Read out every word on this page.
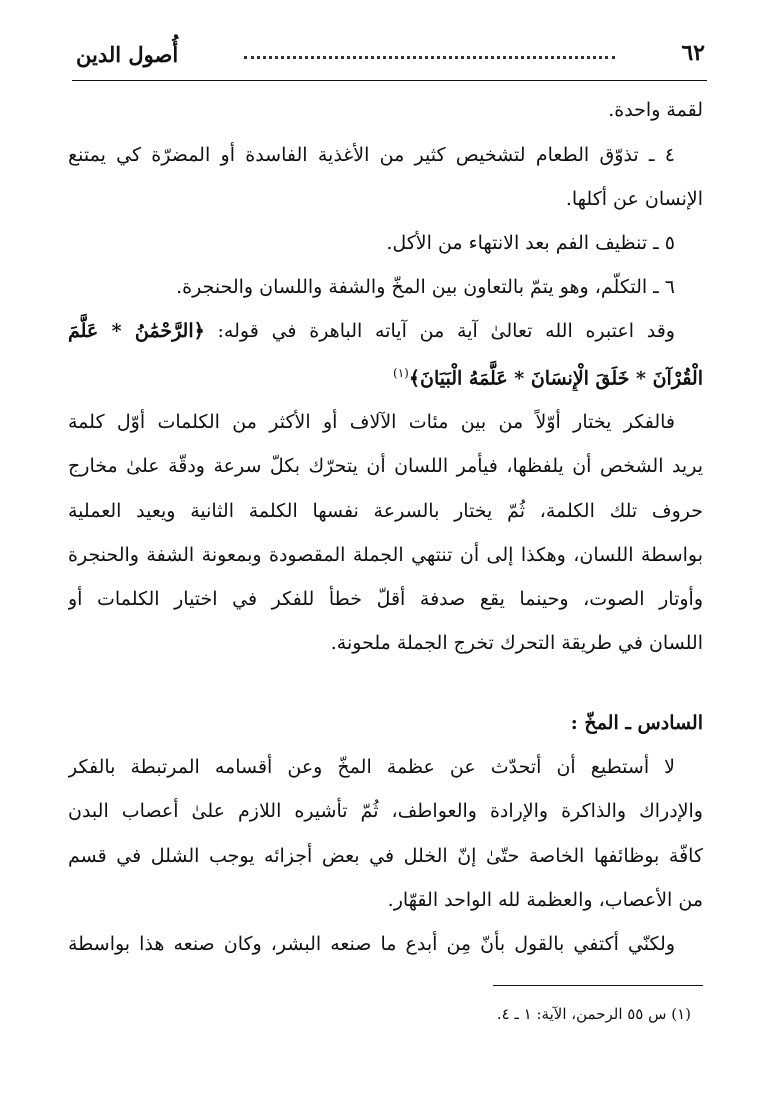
أُصول الدين	٦٢
لقمة واحدة.
٤ ـ تذوّق الطعام لتشخيص كثير من الأغذية الفاسدة أو المضرّة كي يمتنع
الإنسان عن أكلها.
٥ ـ تنظيف الفم بعد الانتهاء من الأكل.
٦ ـ التكلّم، وهو يتمّ بالتعاون بين المخّ والشفة واللسان والحنجرة.
وقد اعتبره الله تعالىٰ آية من آياته الباهرة في قوله: ﴿الرَّحْمَٰنُ * عَلَّمَ
الْقُرْآنَ * خَلَقَ الْإِنسَانَ * عَلَّمَهُ الْبَيَانَ﴾$^{(١)}$
فالفكر يختار أوّلاً من بين مئات الآلاف أو الأكثر من الكلمات أوّل كلمة
يريد الشخص أن يلفظها، فيأمر اللسان أن يتحرّك بكلّ سرعة ودقّة علىٰ مخارج
حروف تلك الكلمة، ثُمّ يختار بالسرعة نفسها الكلمة الثانية ويعيد العملية
بواسطة اللسان، وهكذا إلى أن تنتهي الجملة المقصودة وبمعونة الشفة والحنجرة
وأوتار الصوت، وحينما يقع صدفة أقلّ خطأ للفكر في اختيار الكلمات أو
اللسان في طريقة التحرك تخرج الجملة ملحونة.
السادس ـ المخّ :
لا أستطيع أن أتحدّث عن عظمة المخّ وعن أقسامه المرتبطة بالفكر
والإدراك والذاكرة والإرادة والعواطف، ثُمّ تأشيره اللازم علىٰ أعصاب البدن
كافّة بوظائفها الخاصة حتّىٰ إنّ الخلل في بعض أجزائه يوجب الشلل في قسم
من الأعصاب، والعظمة لله الواحد القهّار.
ولكنّي أكتفي بالقول بأنّ مِن أبدع ما صنعه البشر، وكان صنعه هذا بواسطة
(١) س ٥٥ الرحمن، الآية: ١ ـ ٤.
